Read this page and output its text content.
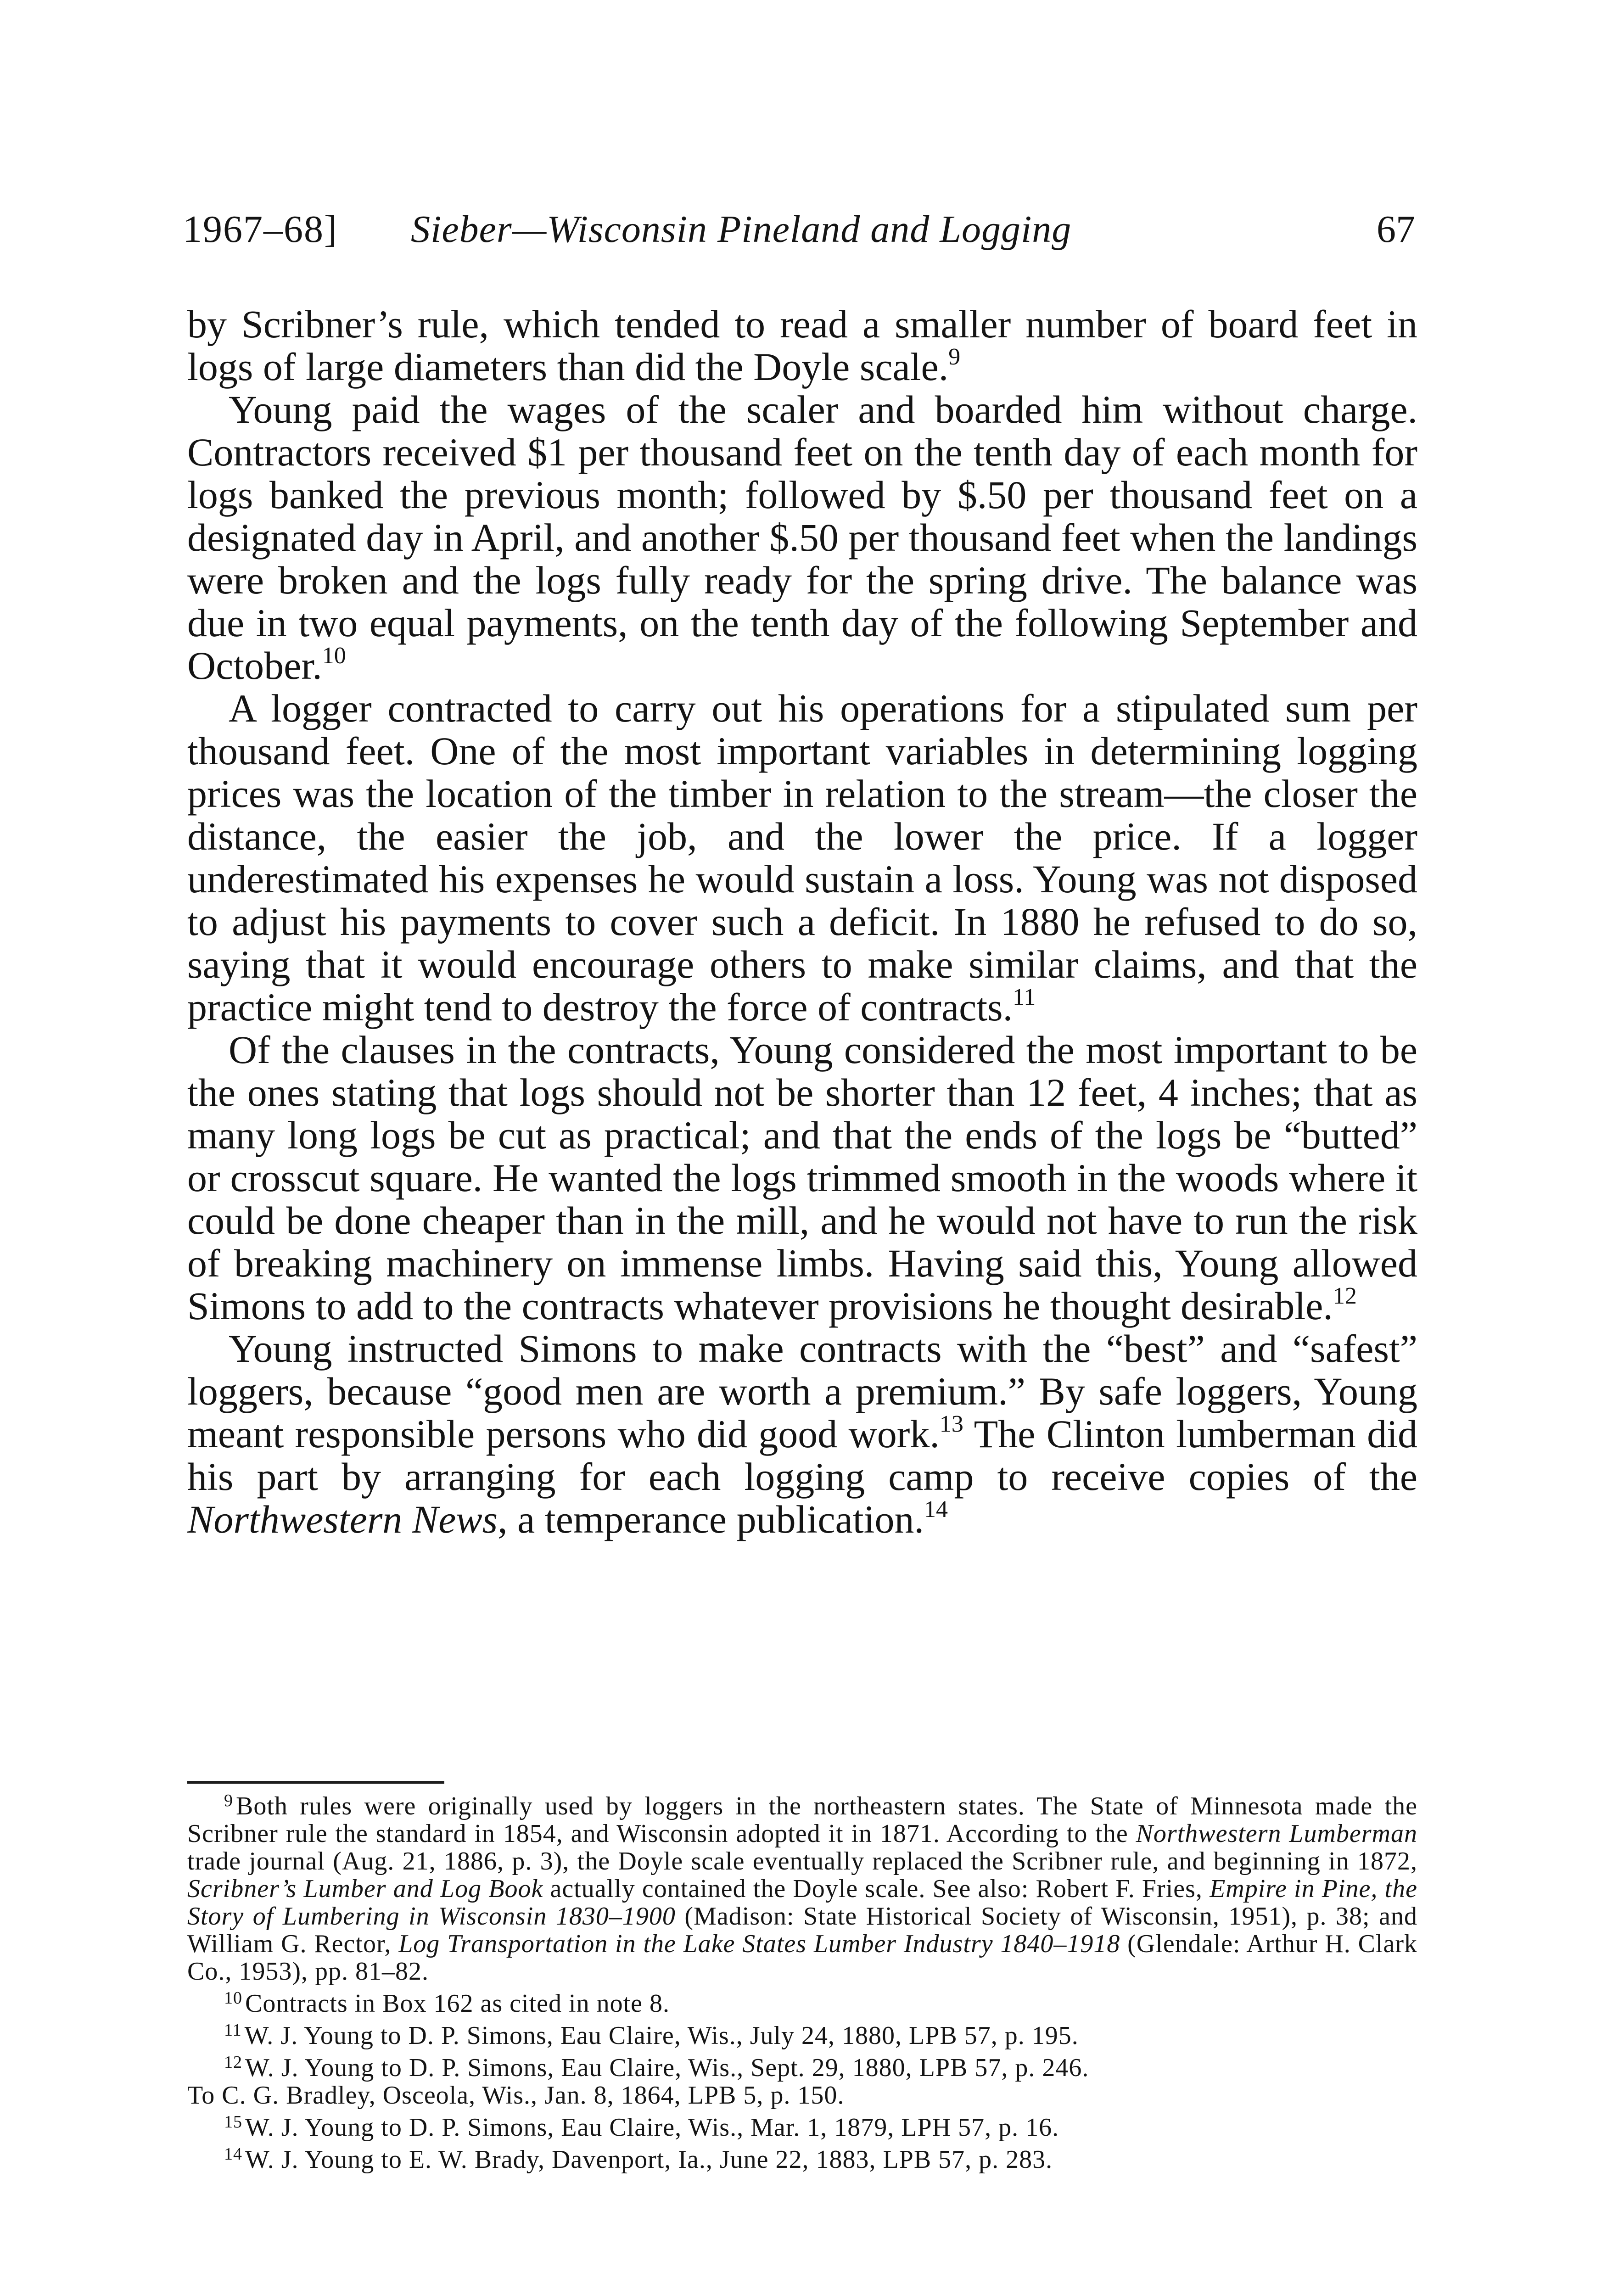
1967–68] Sieber—Wisconsin Pineland and Logging	67

by Scribner’s rule, which tended to read a smaller number of board feet in logs of large diameters than did the Doyle scale.$^9$

Young paid the wages of the scaler and boarded him without charge. Contractors received $1 per thousand feet on the tenth day of each month for logs banked the previous month; followed by $.50 per thousand feet on a designated day in April, and another $.50 per thousand feet when the landings were broken and the logs fully ready for the spring drive. The balance was due in two equal payments, on the tenth day of the following September and October.$^{10}$

A logger contracted to carry out his operations for a stipulated sum per thousand feet. One of the most important variables in determining logging prices was the location of the timber in relation to the stream—the closer the distance, the easier the job, and the lower the price. If a logger underestimated his expenses he would sustain a loss. Young was not disposed to adjust his payments to cover such a deficit. In 1880 he refused to do so, saying that it would encourage others to make similar claims, and that the practice might tend to destroy the force of contracts.$^{11}$

Of the clauses in the contracts, Young considered the most important to be the ones stating that logs should not be shorter than 12 feet, 4 inches; that as many long logs be cut as practical; and that the ends of the logs be “butted” or crosscut square. He wanted the logs trimmed smooth in the woods where it could be done cheaper than in the mill, and he would not have to run the risk of breaking machinery on immense limbs. Having said this, Young allowed Simons to add to the contracts whatever provisions he thought desirable.$^{12}$

Young instructed Simons to make contracts with the “best” and “safest” loggers, because “good men are worth a premium.” By safe loggers, Young meant responsible persons who did good work.$^{13}$ The Clinton lumberman did his part by arranging for each logging camp to receive copies of the Northwestern News, a temperance publication.$^{14}$

$^9$ Both rules were originally used by loggers in the northeastern states. The State of Minnesota made the Scribner rule the standard in 1854, and Wisconsin adopted it in 1871. According to the Northwestern Lumberman trade journal (Aug. 21, 1886, p. 3), the Doyle scale eventually replaced the Scribner rule, and beginning in 1872, Scribner’s Lumber and Log Book actually contained the Doyle scale. See also: Robert F. Fries, Empire in Pine, the Story of Lumbering in Wisconsin 1830–1900 (Madison: State Historical Society of Wisconsin, 1951), p. 38; and William G. Rector, Log Transportation in the Lake States Lumber Industry 1840–1918 (Glendale: Arthur H. Clark Co., 1953), pp. 81–82.

$^{10}$ Contracts in Box 162 as cited in note 8.

$^{11}$ W. J. Young to D. P. Simons, Eau Claire, Wis., July 24, 1880, LPB 57, p. 195.

$^{12}$ W. J. Young to D. P. Simons, Eau Claire, Wis., Sept. 29, 1880, LPB 57, p. 246.

To C. G. Bradley, Osceola, Wis., Jan. 8, 1864, LPB 5, p. 150.

$^{15}$ W. J. Young to D. P. Simons, Eau Claire, Wis., Mar. 1, 1879, LPH 57, p. 16.

$^{14}$ W. J. Young to E. W. Brady, Davenport, Ia., June 22, 1883, LPB 57, p. 283.
